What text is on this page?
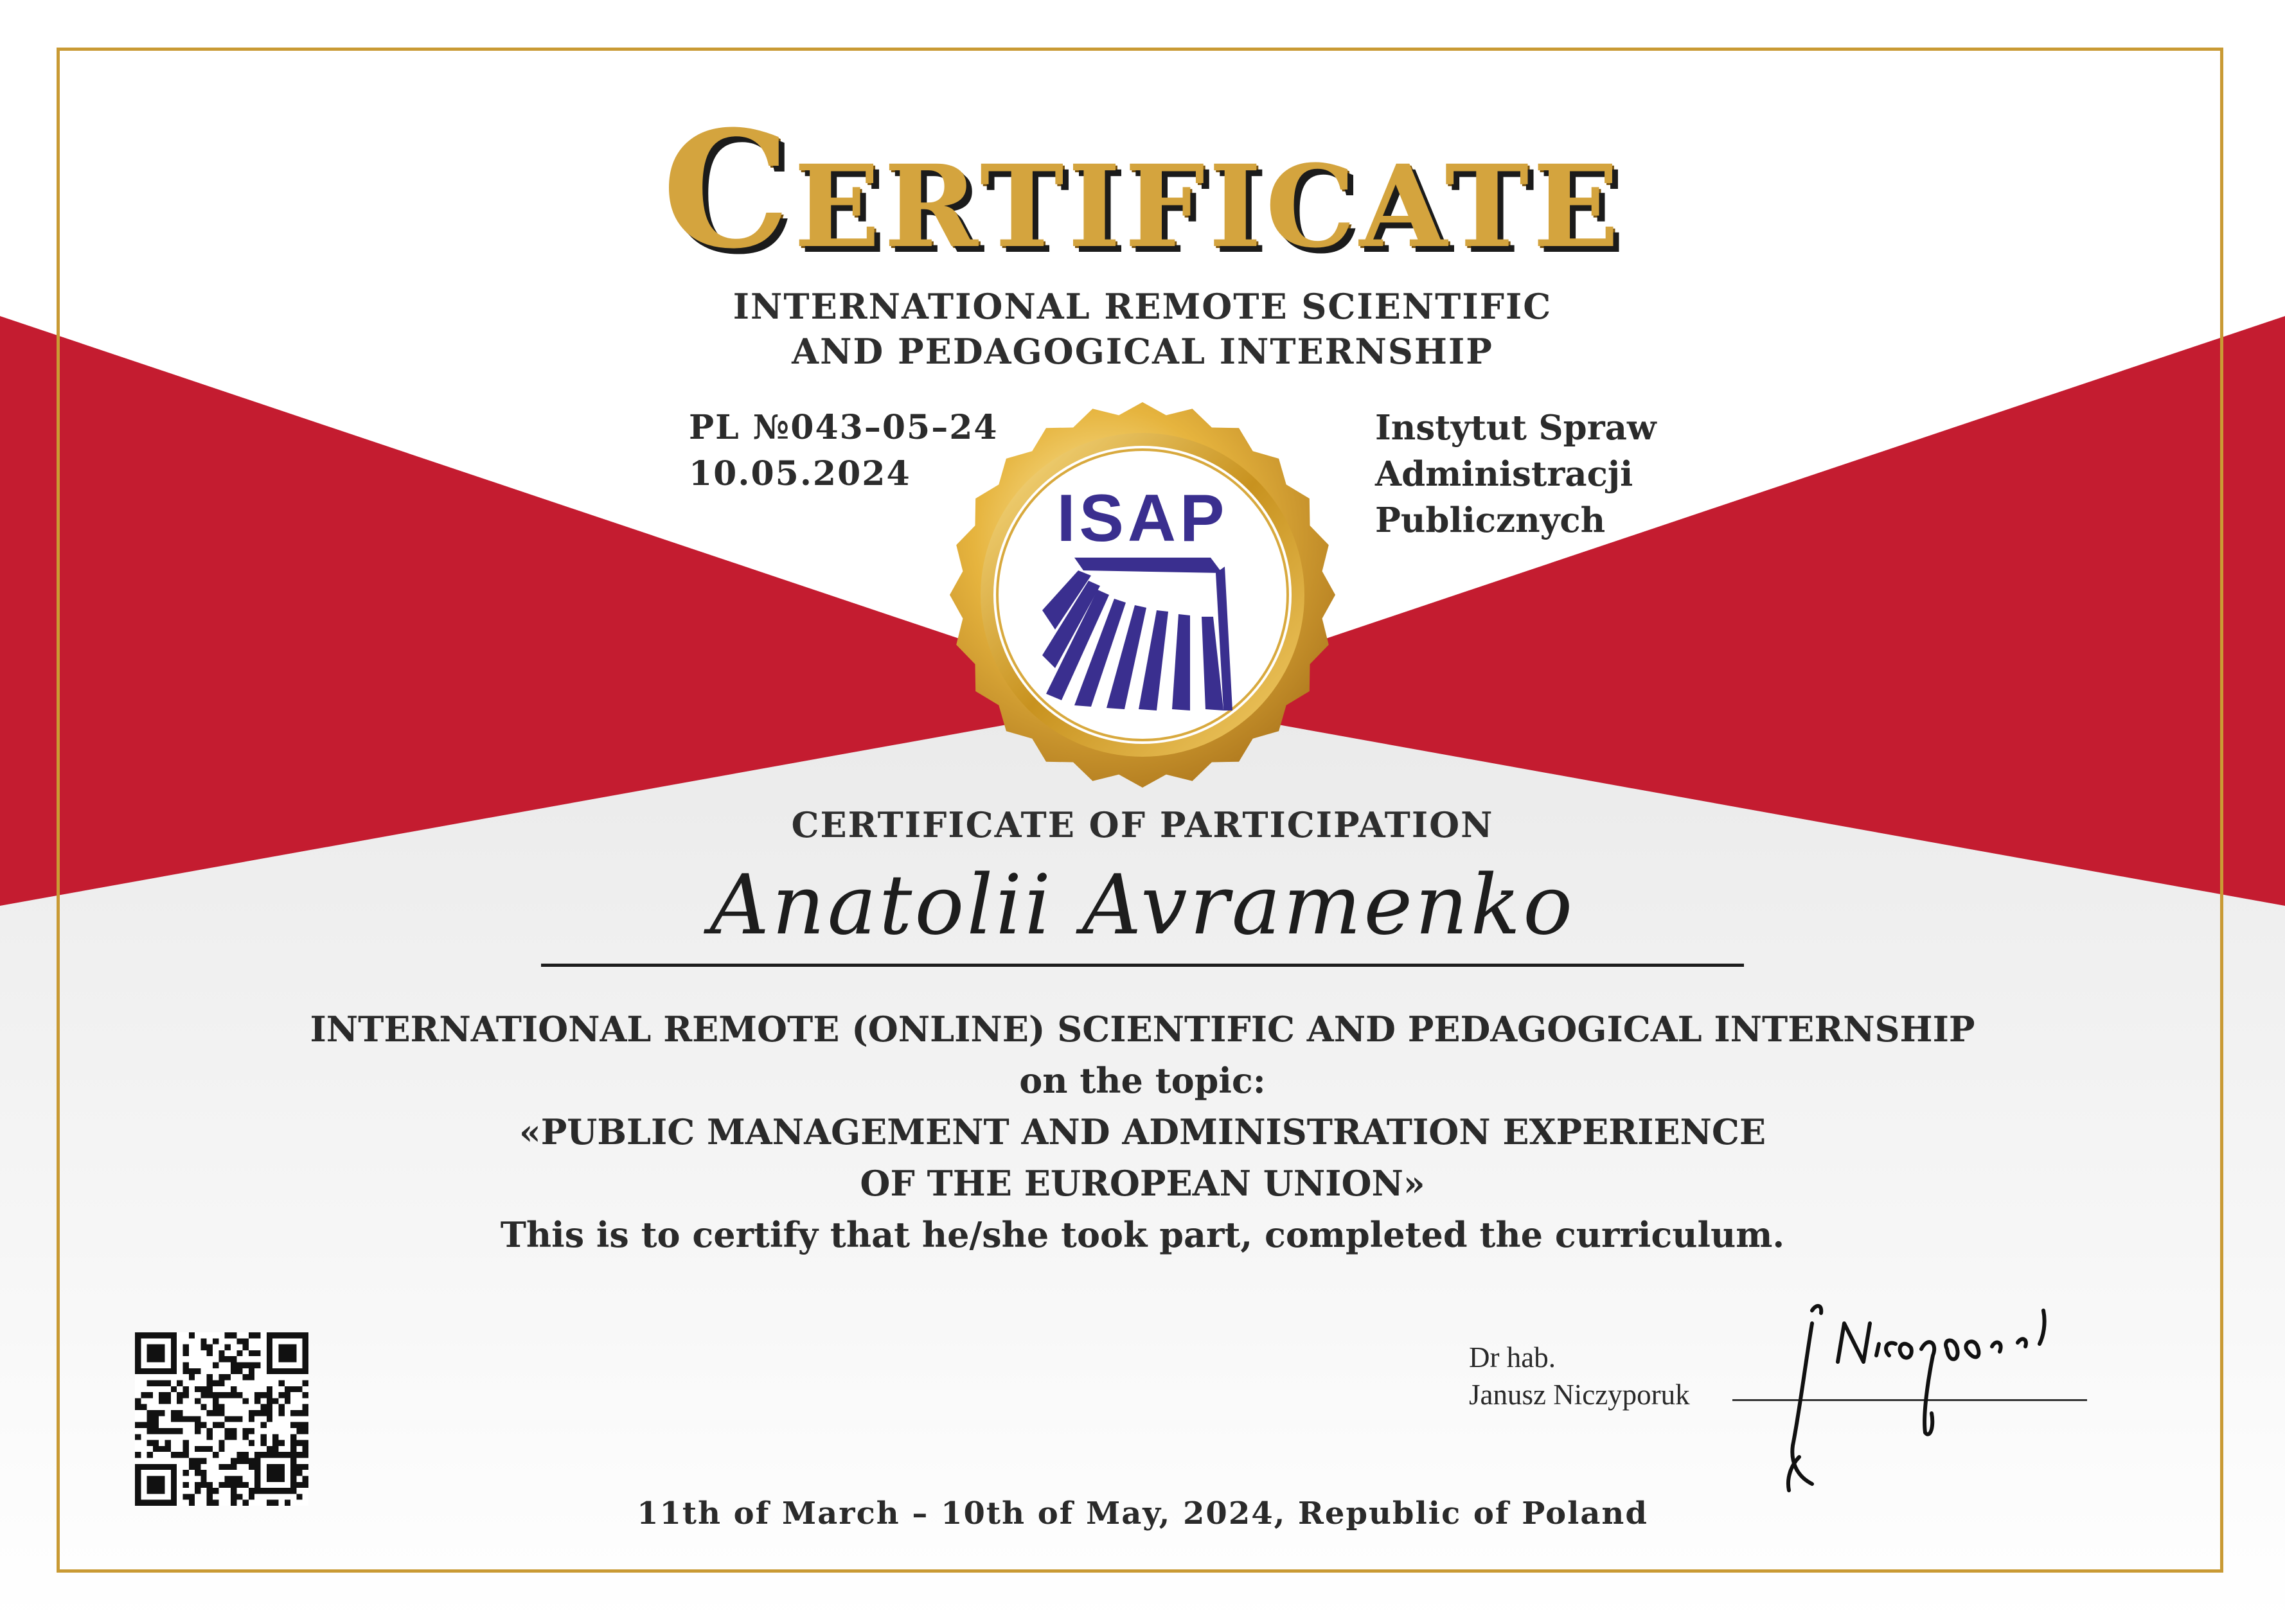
CERTIFICATE
INTERNATIONAL REMOTE SCIENTIFIC
AND PEDAGOGICAL INTERNSHIP
PL №043–05–24
10.05.2024
Instytut Spraw
Administracji
Publicznych
ISAP
CERTIFICATE OF PARTICIPATION
Anatolii Avramenko
INTERNATIONAL REMOTE (ONLINE) SCIENTIFIC AND PEDAGOGICAL INTERNSHIP
on the topic:
«PUBLIC MANAGEMENT AND ADMINISTRATION EXPERIENCE
OF THE EUROPEAN UNION»
This is to certify that he/she took part, completed the curriculum.
Dr hab.
Janusz Niczyporuk
11th of March – 10th of May, 2024, Republic of Poland
